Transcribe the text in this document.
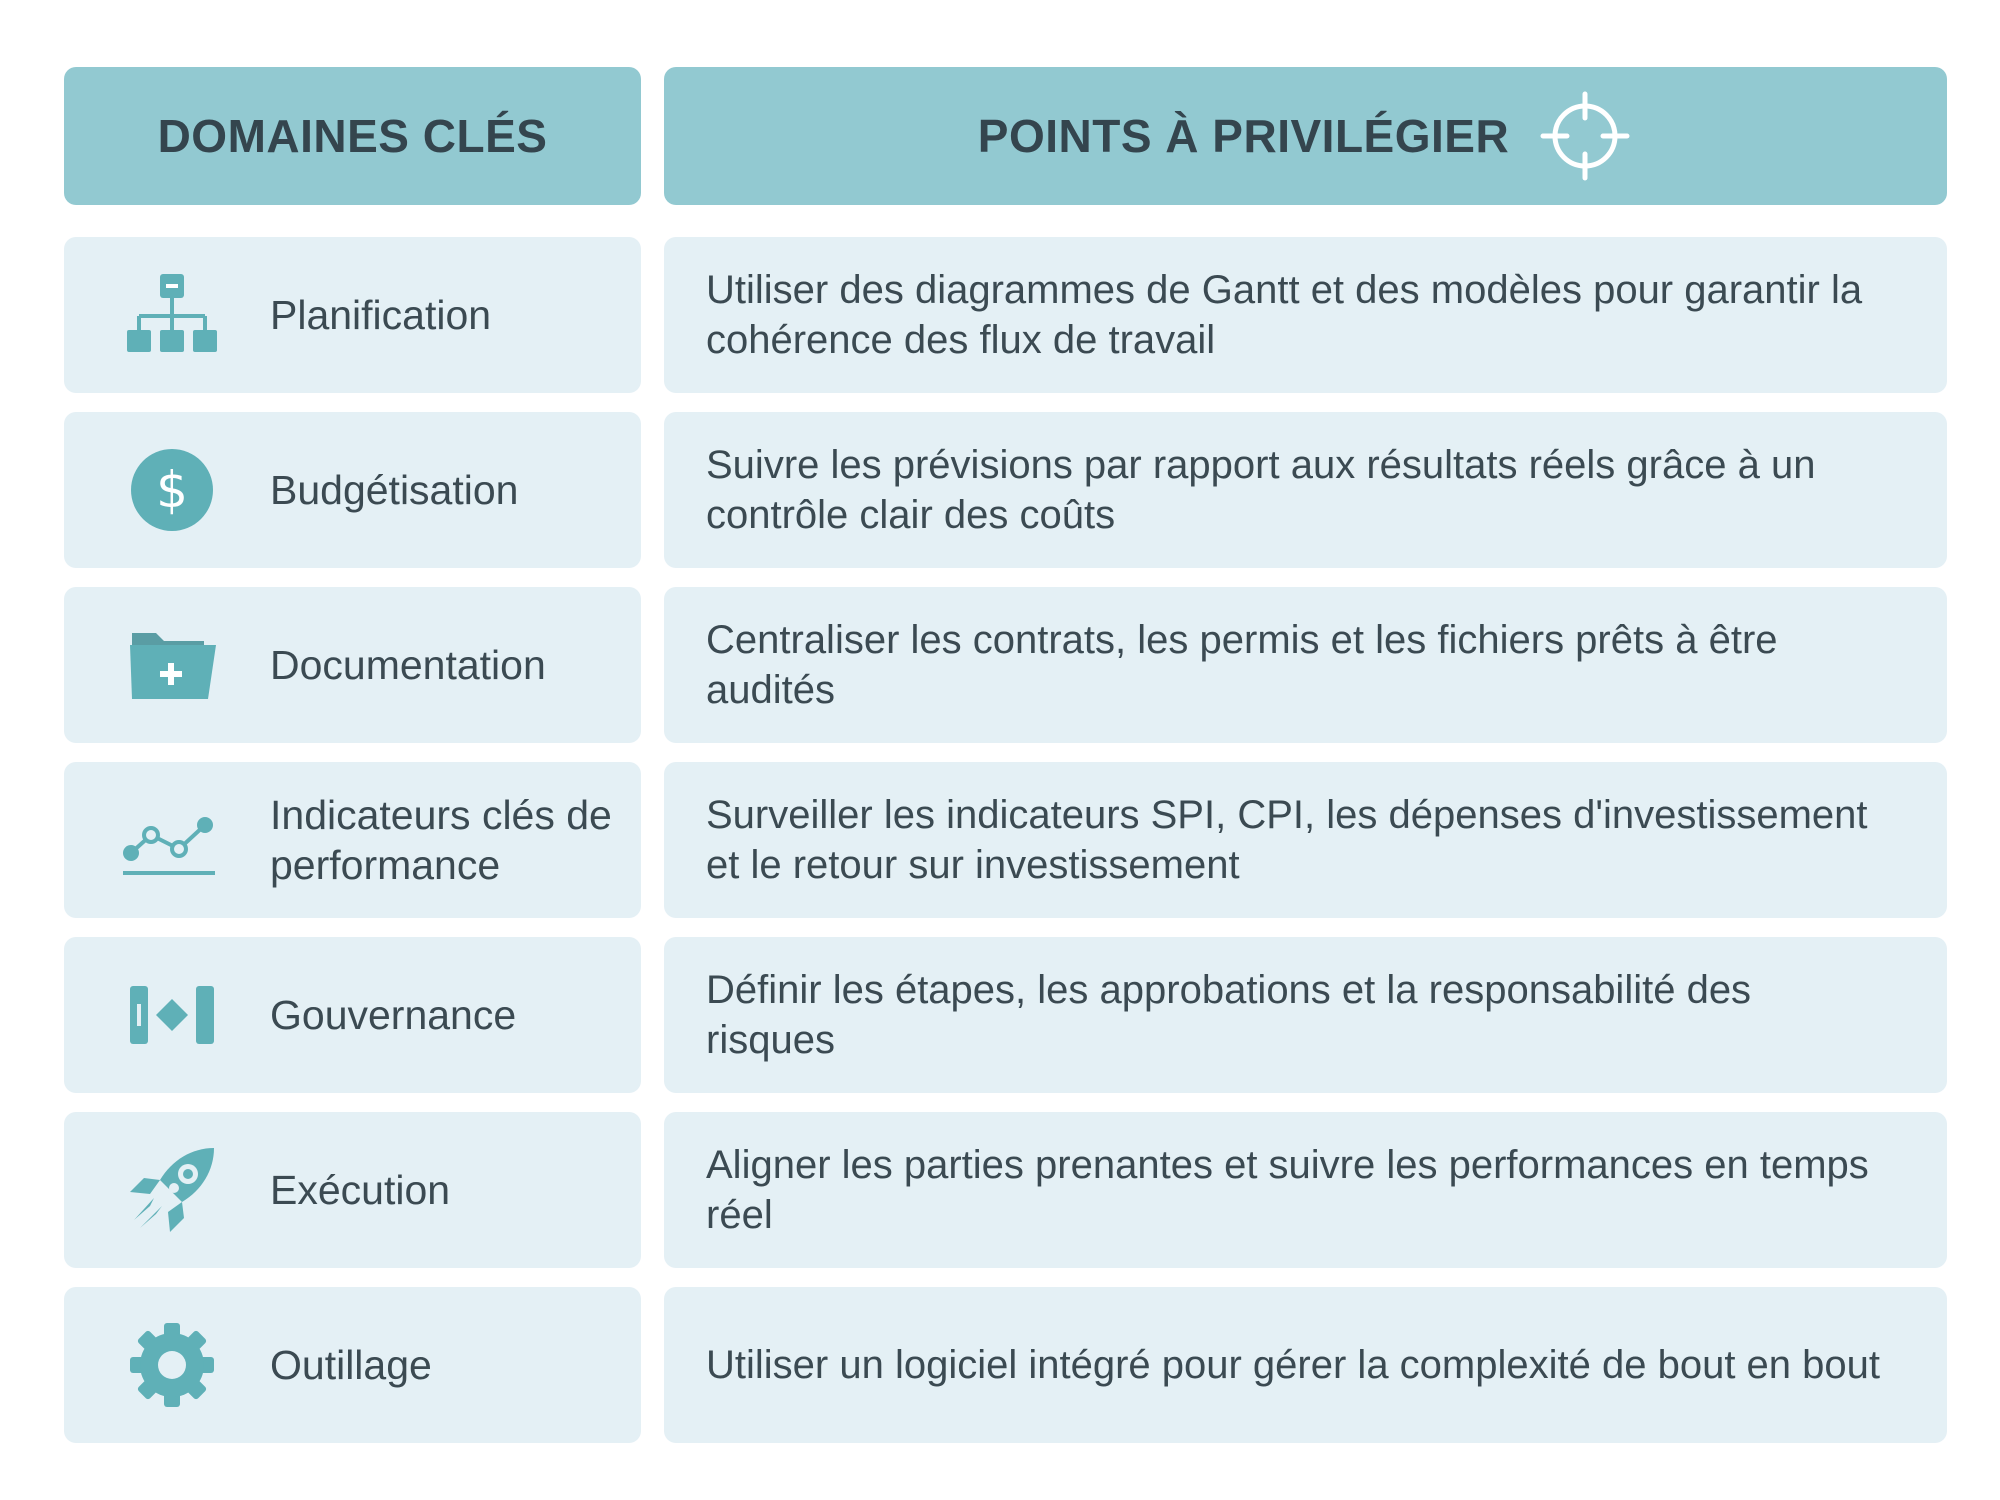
DOMAINES CLÉS	POINTS À PRIVILÉGIER
Planification
Utiliser des diagrammes de Gantt et des modèles pour garantir la cohérence des flux de travail
$ Budgétisation
Suivre les prévisions par rapport aux résultats réels grâce à un contrôle clair des coûts
Documentation
Centraliser les contrats, les permis et les fichiers prêts à être audités
Indicateurs clés de performance
Surveiller les indicateurs SPI, CPI, les dépenses d'investissement et le retour sur investissement
Gouvernance
Définir les étapes, les approbations et la responsabilité des risques
Exécution
Aligner les parties prenantes et suivre les performances en temps réel
Outillage	Utiliser un logiciel intégré pour gérer la complexité de bout en bout
